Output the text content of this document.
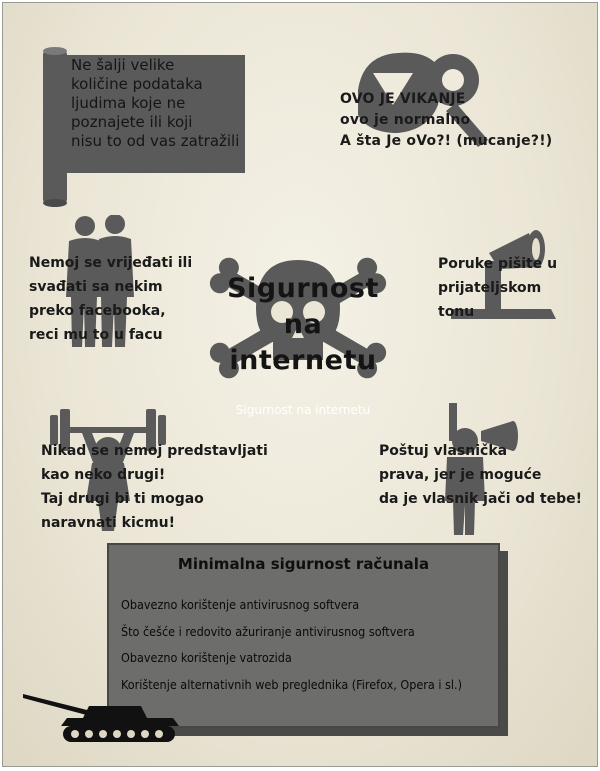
Ne šalji velike
količine podataka
ljudima koje ne
poznajete ili koji
nisu to od vas zatražili
OVO JE VIKANJE
ovo je normalno
A šta Je oVo?! (mucanje?!)
Nemoj se vrijeđati ili
svađati sa nekim
preko facebooka,
reci mu to u facu
Poruke pišite u
prijateljskom
tonu
Sigurnost
na
internetu
Sigurnost na internetu
Nikad se nemoj predstavljati
kao neko drugi!
Taj drugi bi ti mogao
naravnati kicmu!
Poštuj vlasnička
prava, jer je moguće
da je vlasnik jači od tebe!
Minimalna sigurnost računala
Obavezno korištenje antivirusnog softvera
Što češće i redovito ažuriranje antivirusnog softvera
Obavezno korištenje vatrozida
Korištenje alternativnih web preglednika (Firefox, Opera i sl.)
